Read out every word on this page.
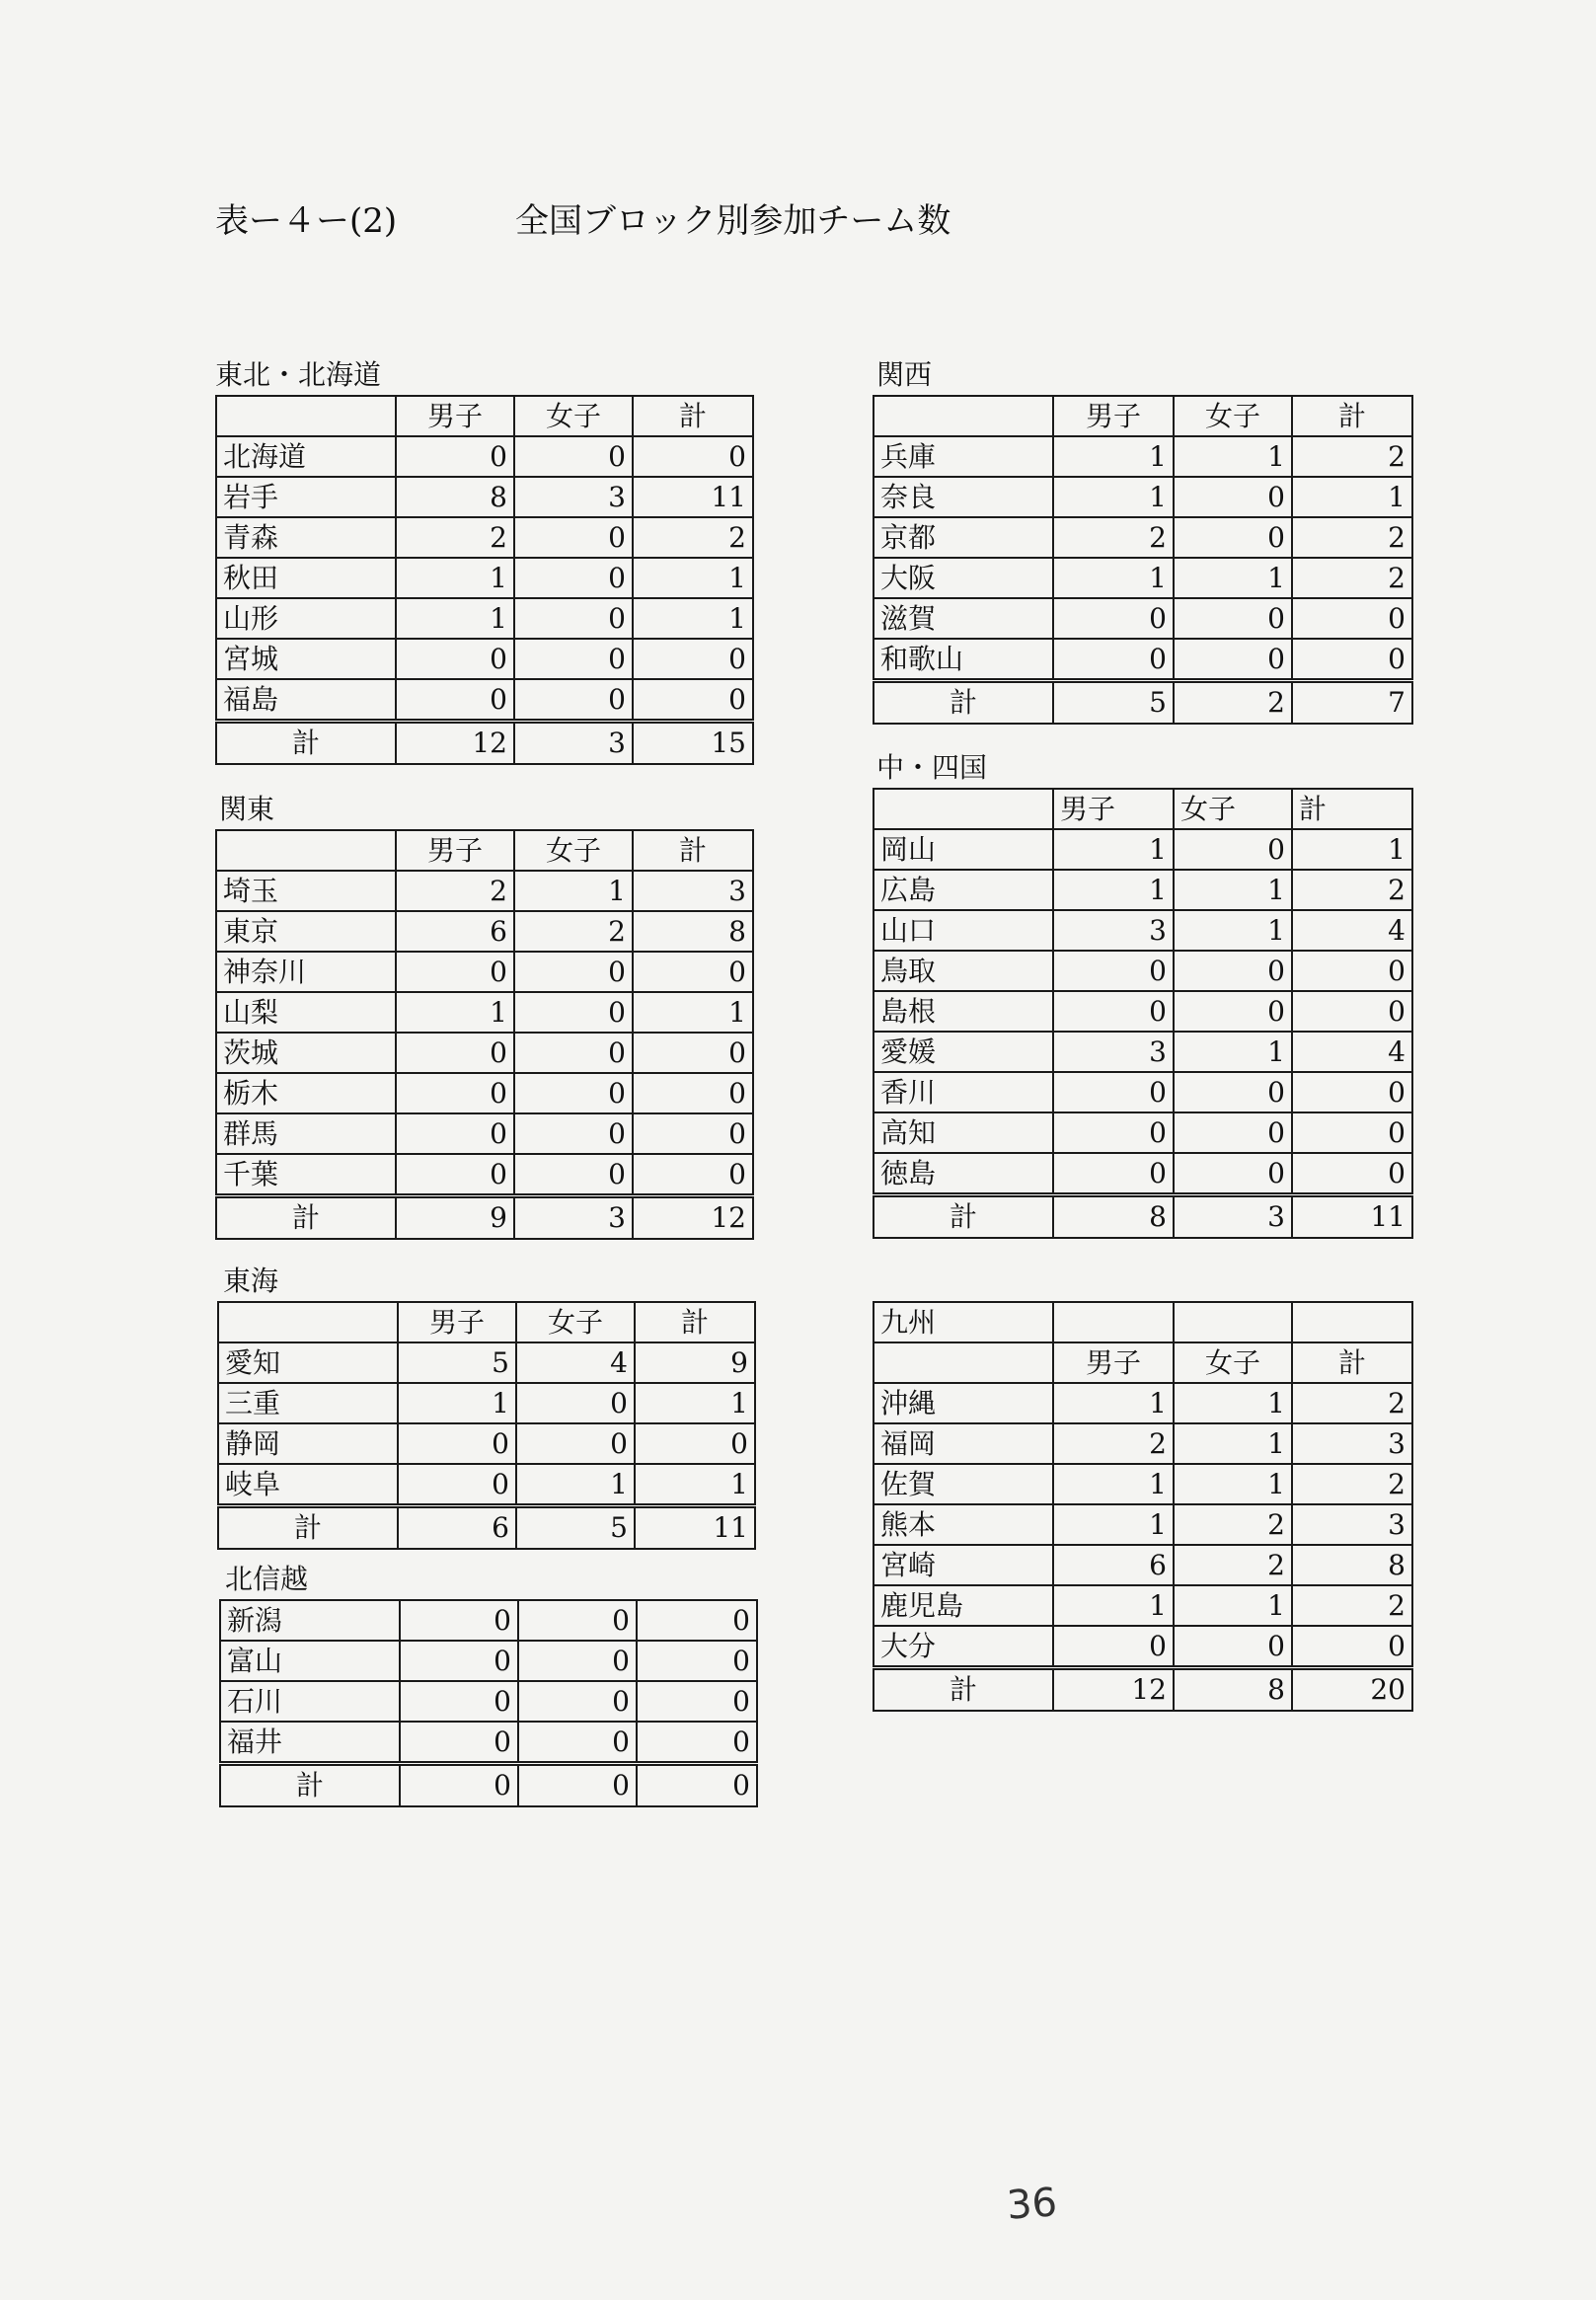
表ー４ー(2)	全国ブロック別参加チーム数
東北・北海道
	男子	女子	計
北海道	0	0	0
岩手	8	3	11
青森	2	0	2
秋田	1	0	1
山形	1	0	1
宮城	0	0	0
福島	0	0	0
計	12	3	15
関東
	男子	女子	計
埼玉	2	1	3
東京	6	2	8
神奈川	0	0	0
山梨	1	0	1
茨城	0	0	0
栃木	0	0	0
群馬	0	0	0
千葉	0	0	0
計	9	3	12
東海
	男子	女子	計
愛知	5	4	9
三重	1	0	1
静岡	0	0	0
岐阜	0	1	1
計	6	5	11
北信越
新潟	0	0	0
富山	0	0	0
石川	0	0	0
福井	0	0	0
計	0	0	0
関西
	男子	女子	計
兵庫	1	1	2
奈良	1	0	1
京都	2	0	2
大阪	1	1	2
滋賀	0	0	0
和歌山	0	0	0
計	5	2	7
中・四国
	男子	女子	計
岡山	1	0	1
広島	1	1	2
山口	3	1	4
鳥取	0	0	0
島根	0	0	0
愛媛	3	1	4
香川	0	0	0
高知	0	0	0
徳島	0	0	0
計	8	3	11
九州			
	男子	女子	計
沖縄	1	1	2
福岡	2	1	3
佐賀	1	1	2
熊本	1	2	3
宮崎	6	2	8
鹿児島	1	1	2
大分	0	0	0
計	12	8	20
36
